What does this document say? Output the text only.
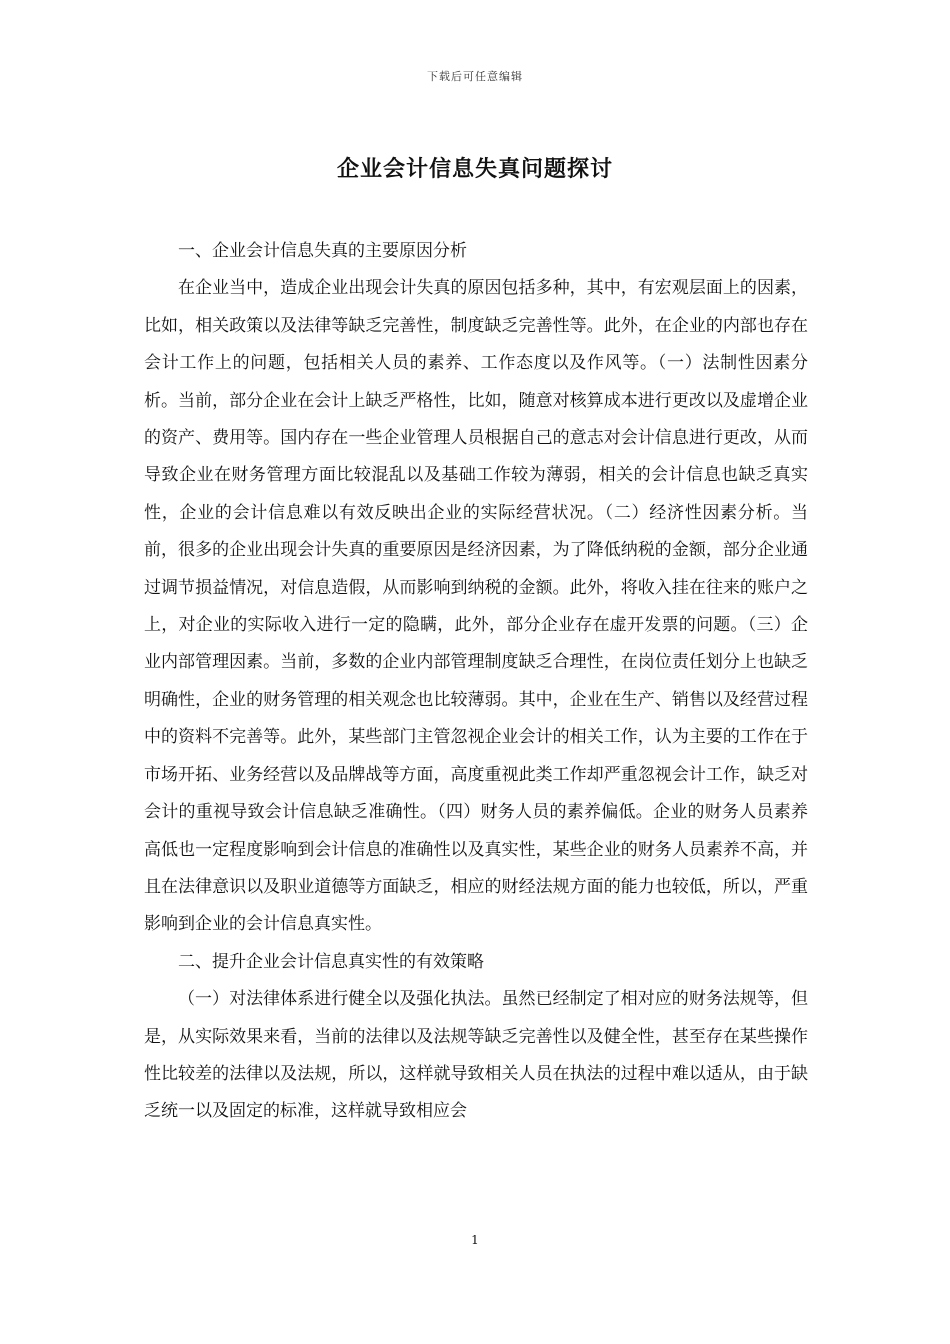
下载后可任意编辑
企业会计信息失真问题探讨

一、企业会计信息失真的主要原因分析

在企业当中，造成企业出现会计失真的原因包括多种，其中，有宏观层面上的因素，比如，相关政策以及法律等缺乏完善性，制度缺乏完善性等。此外，在企业的内部也存在会计工作上的问题，包括相关人员的素养、工作态度以及作风等。（一）法制性因素分析。当前，部分企业在会计上缺乏严格性，比如，随意对核算成本进行更改以及虚增企业的资产、费用等。国内存在一些企业管理人员根据自己的意志对会计信息进行更改，从而导致企业在财务管理方面比较混乱以及基础工作较为薄弱，相关的会计信息也缺乏真实性，企业的会计信息难以有效反映出企业的实际经营状况。（二）经济性因素分析。当前，很多的企业出现会计失真的重要原因是经济因素，为了降低纳税的金额，部分企业通过调节损益情况，对信息造假，从而影响到纳税的金额。此外，将收入挂在往来的账户之上，对企业的实际收入进行一定的隐瞒，此外，部分企业存在虚开发票的问题。（三）企业内部管理因素。当前，多数的企业内部管理制度缺乏合理性，在岗位责任划分上也缺乏明确性，企业的财务管理的相关观念也比较薄弱。其中，企业在生产、销售以及经营过程中的资料不完善等。此外，某些部门主管忽视企业会计的相关工作，认为主要的工作在于市场开拓、业务经营以及品牌战等方面，高度重视此类工作却严重忽视会计工作，缺乏对会计的重视导致会计信息缺乏准确性。（四）财务人员的素养偏低。企业的财务人员素养高低也一定程度影响到会计信息的准确性以及真实性，某些企业的财务人员素养不高，并且在法律意识以及职业道德等方面缺乏，相应的财经法规方面的能力也较低，所以，严重影响到企业的会计信息真实性。

二、提升企业会计信息真实性的有效策略

（一）对法律体系进行健全以及强化执法。虽然已经制定了相对应的财务法规等，但是，从实际效果来看，当前的法律以及法规等缺乏完善性以及健全性，甚至存在某些操作性比较差的法律以及法规，所以，这样就导致相关人员在执法的过程中难以适从，由于缺乏统一以及固定的标准，这样就导致相应会

1
